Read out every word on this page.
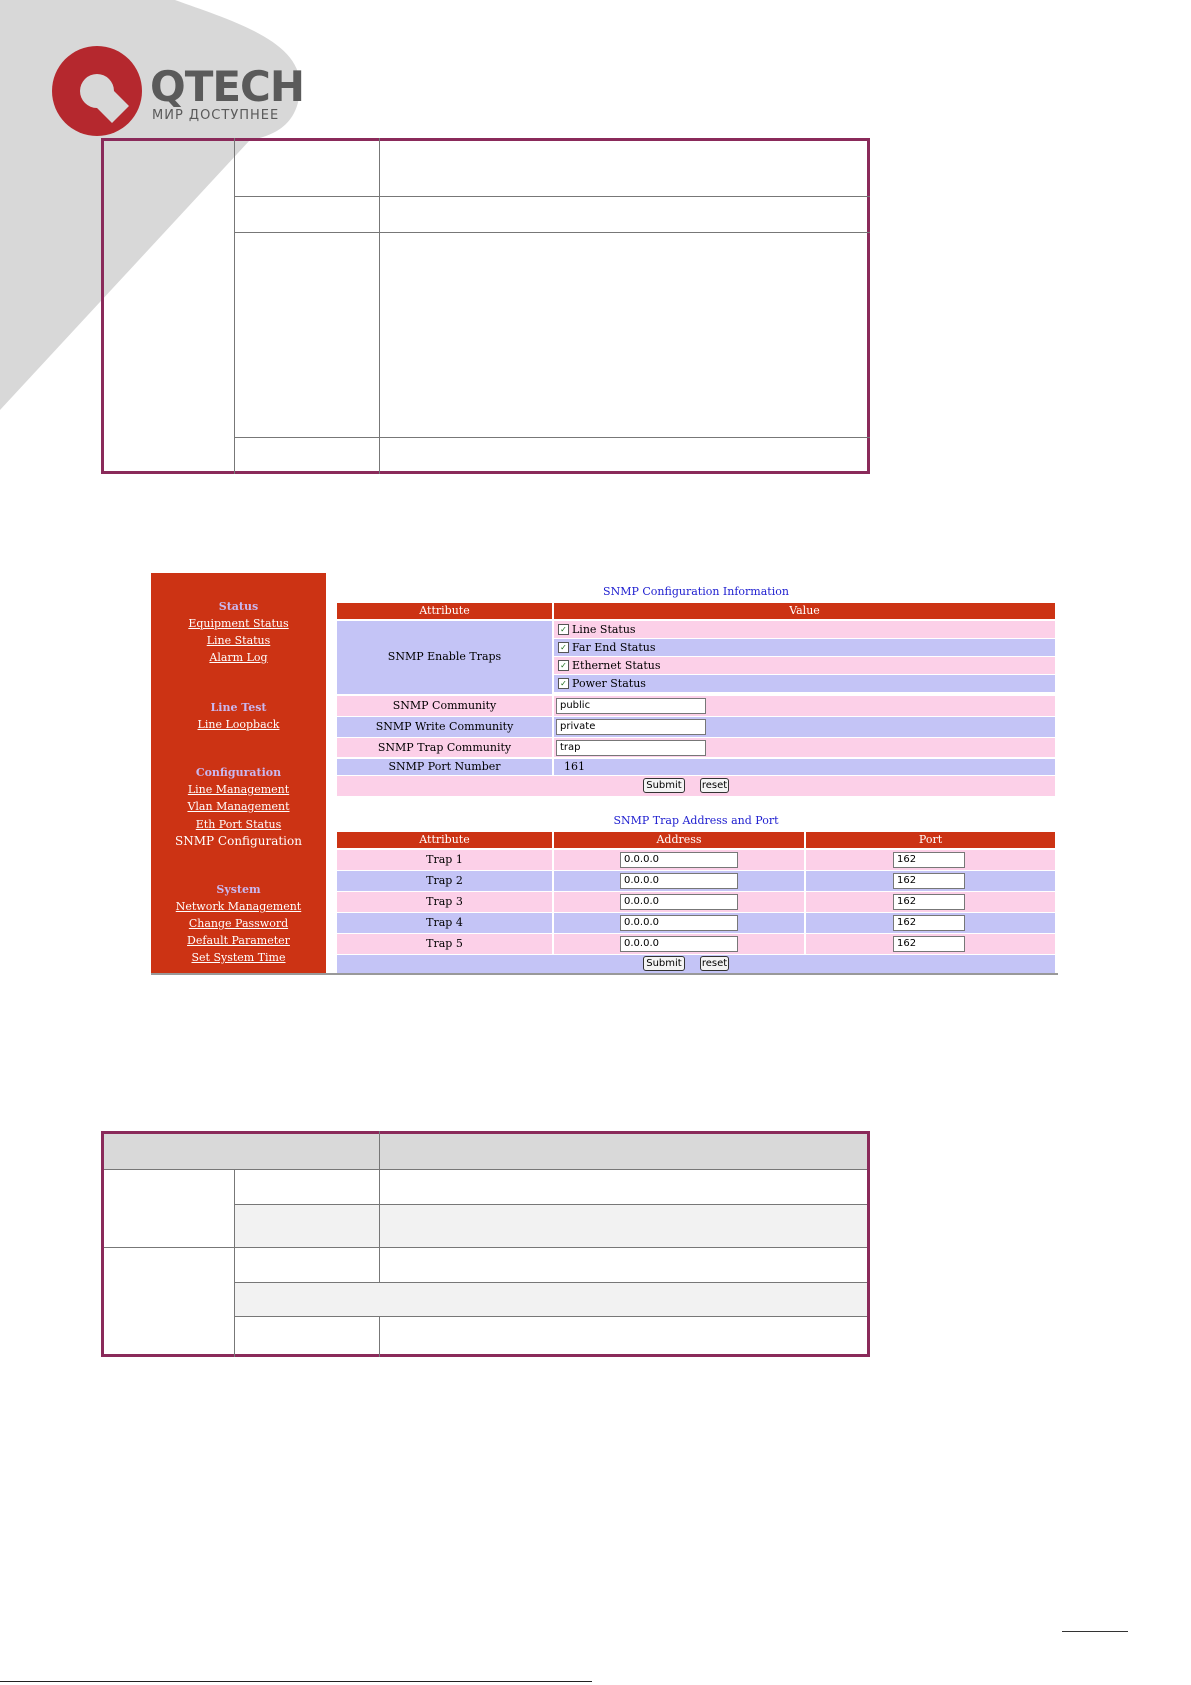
QTECH
МИР ДОСТУПНЕЕ
Status
Equipment Status
Line Status
Alarm Log
Line Test
Line Loopback
Configuration
Line Management
Vlan Management
Eth Port Status
SNMP Configuration
System
Network Management
Change Password
Default Parameter
Set System Time
SNMP Configuration Information
Attribute	Value
SNMP Enable Traps
✓ Line Status
✓ Far End Status
✓ Ethernet Status
✓ Power Status
SNMP Community	public
SNMP Write Community	private
SNMP Trap Community	trap
SNMP Port Number	161
Submit	reset
SNMP Trap Address and Port
Attribute	Address	Port
Trap 1	0.0.0.0	162
Trap 2	0.0.0.0	162
Trap 3	0.0.0.0	162
Trap 4	0.0.0.0	162
Trap 5	0.0.0.0	162
Submit	reset
